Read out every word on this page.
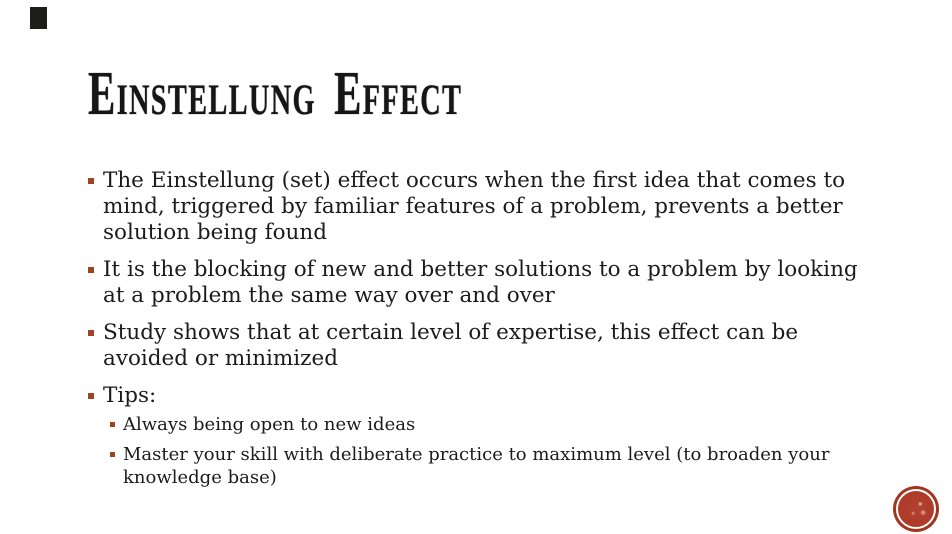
Einstellung Effect
The Einstellung (set) effect occurs when the first idea that comes to mind, triggered by familiar features of a problem, prevents a better solution being found
It is the blocking of new and better solutions to a problem by looking at a problem the same way over and over
Study shows that at certain level of expertise, this effect can be avoided or minimized
Tips:
Always being open to new ideas
Master your skill with deliberate practice to maximum level (to broaden your knowledge base)
